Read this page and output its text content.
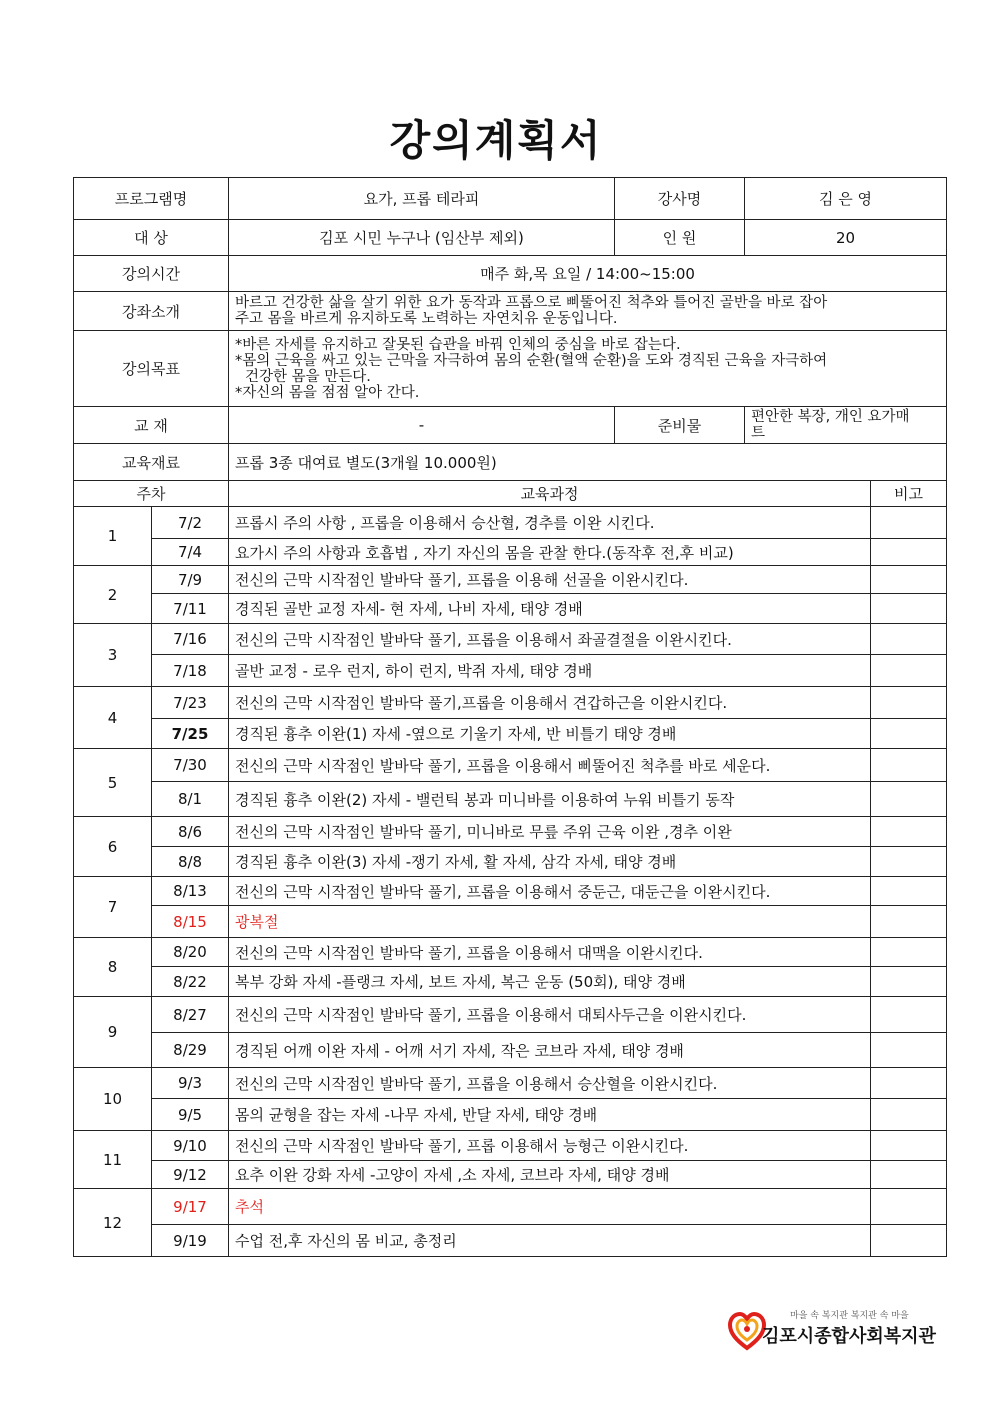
강의계획서
프로그램명		요가, 프롭 테라피	강사명	김 은 영	
대 상		김포 시민 누구나 (임산부 제외)	인 원	20	
강의시간		매주 화,목 요일 / 14:00~15:00			
강좌소개		바르고 건강한 삶을 살기 위한 요가 동작과 프롭으로 삐뚤어진 척추와 틀어진 골반을 바로 잡아
주고 몸을 바르게 유지하도록 노력하는 자연치유 운동입니다.			

강의목표		*바른 자세를 유지하고 잘못된 습관을 바꿔 인체의 중심을 바로 잡는다.
*몸의 근육을 싸고 있는 근막을 자극하여 몸의 순환(혈액 순환)을 도와 경직된 근육을 자극하여
건강한 몸을 만든다.
*자신의 몸을 점점 알아 간다.			

교 재		-	준비물	편안한 복장, 개인 요가매
트	

교육재료		프롭 3종 대여료 별도(3개월 10.000원)			
주차		교육과정			비고
1	7/2	프롭시 주의 사항 , 프롭을 이용해서 승산혈, 경추를 이완 시킨다.			
	7/4	요가시 주의 사항과 호흡법 , 자기 자신의 몸을 관찰 한다.(동작후 전,후 비교)			
2	7/9	전신의 근막 시작점인 발바닥 풀기, 프롭을 이용해 선골을 이완시킨다.			
	7/11	경직된 골반 교정 자세- 현 자세, 나비 자세, 태양 경배			
3	7/16	전신의 근막 시작점인 발바닥 풀기, 프롭을 이용해서 좌골결절을 이완시킨다.			
	7/18	골반 교정 - 로우 런지, 하이 런지, 박쥐 자세, 태양 경배			
4	7/23	전신의 근막 시작점인 발바닥 풀기,프롭을 이용해서 견갑하근을 이완시킨다.			
	7/25	경직된 흉추 이완(1) 자세 -옆으로 기울기 자세, 반 비틀기 태양 경배			
5	7/30	전신의 근막 시작점인 발바닥 풀기, 프롭을 이용해서 삐뚤어진 척추를 바로 세운다.			
	8/1	경직된 흉추 이완(2) 자세 - 밸런틱 봉과 미니바를 이용하여 누워 비틀기 동작			
6	8/6	전신의 근막 시작점인 발바닥 풀기, 미니바로 무릎 주위 근육 이완 ,경추 이완			
	8/8	경직된 흉추 이완(3) 자세 -쟁기 자세, 활 자세, 삼각 자세, 태양 경배			
7	8/13	전신의 근막 시작점인 발바닥 풀기, 프롭을 이용해서 중둔근, 대둔근을 이완시킨다.			
	8/15	광복절			
8	8/20	전신의 근막 시작점인 발바닥 풀기, 프롭을 이용해서 대맥을 이완시킨다.			
	8/22	복부 강화 자세 -플랭크 자세, 보트 자세, 복근 운동 (50회), 태양 경배			
9	8/27	전신의 근막 시작점인 발바닥 풀기, 프롭을 이용해서 대퇴사두근을 이완시킨다.			
	8/29	경직된 어깨 이완 자세 - 어깨 서기 자세, 작은 코브라 자세, 태양 경배			
10	9/3	전신의 근막 시작점인 발바닥 풀기, 프롭을 이용해서 승산혈을 이완시킨다.			
	9/5	몸의 균형을 잡는 자세 -나무 자세, 반달 자세, 태양 경배			
11	9/10	전신의 근막 시작점인 발바닥 풀기, 프롭 이용해서 능형근 이완시킨다.			
	9/12	요추 이완 강화 자세 -고양이 자세 ,소 자세, 코브라 자세, 태양 경배			
12	9/17	추석			
	9/19	수업 전,후 자신의 몸 비교, 총정리			
마을 속 복지관 복지관 속 마을
김포시종합사회복지관
